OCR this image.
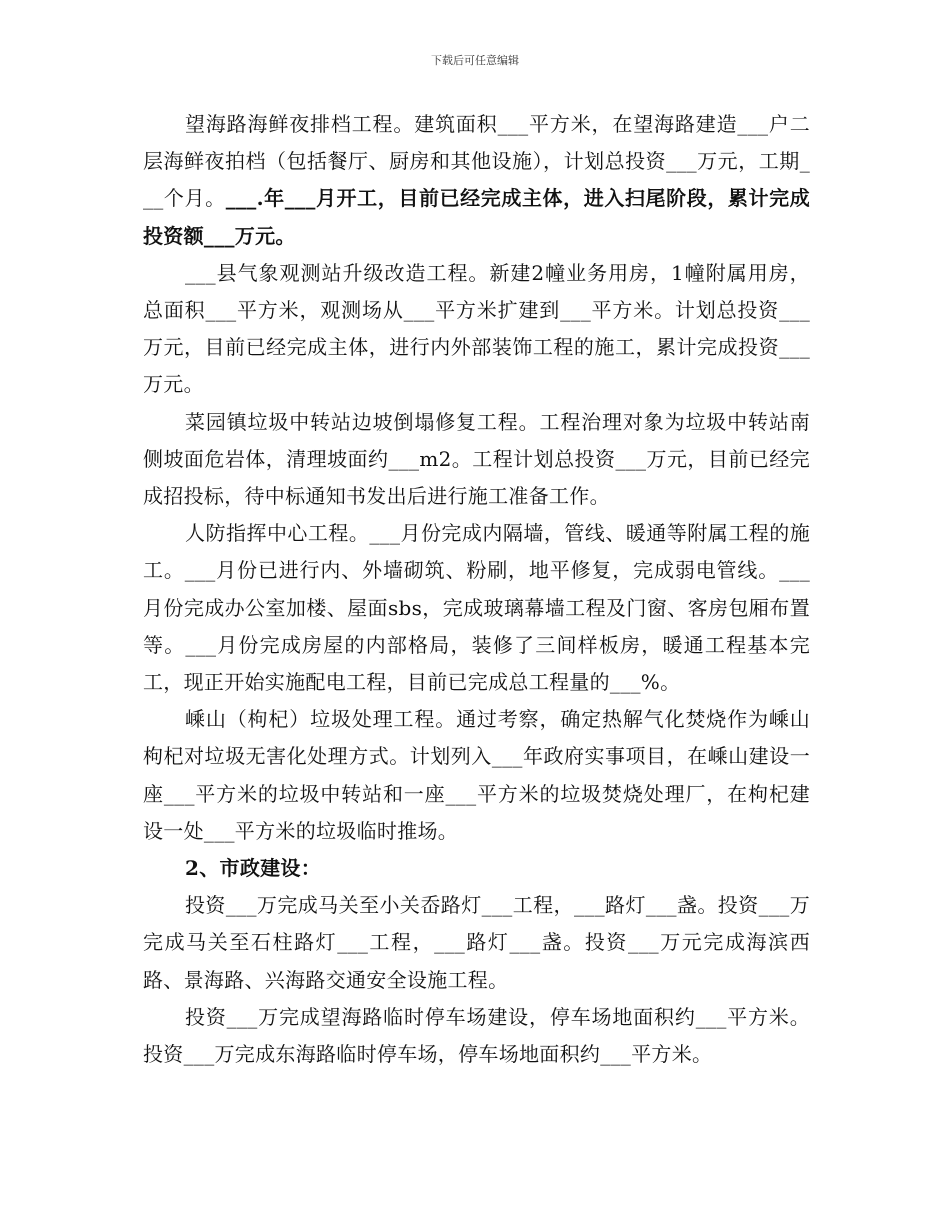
下载后可任意编辑

望海路海鲜夜排档工程。建筑面积___平方米，在望海路建造___户二层海鲜夜拍档（包括餐厅、厨房和其他设施），计划总投资___万元，工期___个月。___.年___月开工，目前已经完成主体，进入扫尾阶段，累计完成投资额___万元。

___县气象观测站升级改造工程。新建2幢业务用房，1幢附属用房，总面积___平方米，观测场从___平方米扩建到___平方米。计划总投资___万元，目前已经完成主体，进行内外部装饰工程的施工，累计完成投资___万元。

菜园镇垃圾中转站边坡倒塌修复工程。工程治理对象为垃圾中转站南侧坡面危岩体，清理坡面约___m2。工程计划总投资___万元，目前已经完成招投标，待中标通知书发出后进行施工准备工作。

人防指挥中心工程。___月份完成内隔墙，管线、暖通等附属工程的施工。___月份已进行内、外墙砌筑、粉刷，地平修复，完成弱电管线。___月份完成办公室加楼、屋面sbs，完成玻璃幕墙工程及门窗、客房包厢布置等。___月份完成房屋的内部格局，装修了三间样板房，暖通工程基本完工，现正开始实施配电工程，目前已完成总工程量的___%。

嵊山（枸杞）垃圾处理工程。通过考察，确定热解气化焚烧作为嵊山枸杞对垃圾无害化处理方式。计划列入___年政府实事项目，在嵊山建设一座___平方米的垃圾中转站和一座___平方米的垃圾焚烧处理厂，在枸杞建设一处___平方米的垃圾临时推场。

2、市政建设：

投资___万完成马关至小关岙路灯___工程，___路灯___盏。投资___万完成马关至石柱路灯___工程，___路灯___盏。投资___万元完成海滨西路、景海路、兴海路交通安全设施工程。

投资___万完成望海路临时停车场建设，停车场地面积约___平方米。投资___万完成东海路临时停车场，停车场地面积约___平方米。
